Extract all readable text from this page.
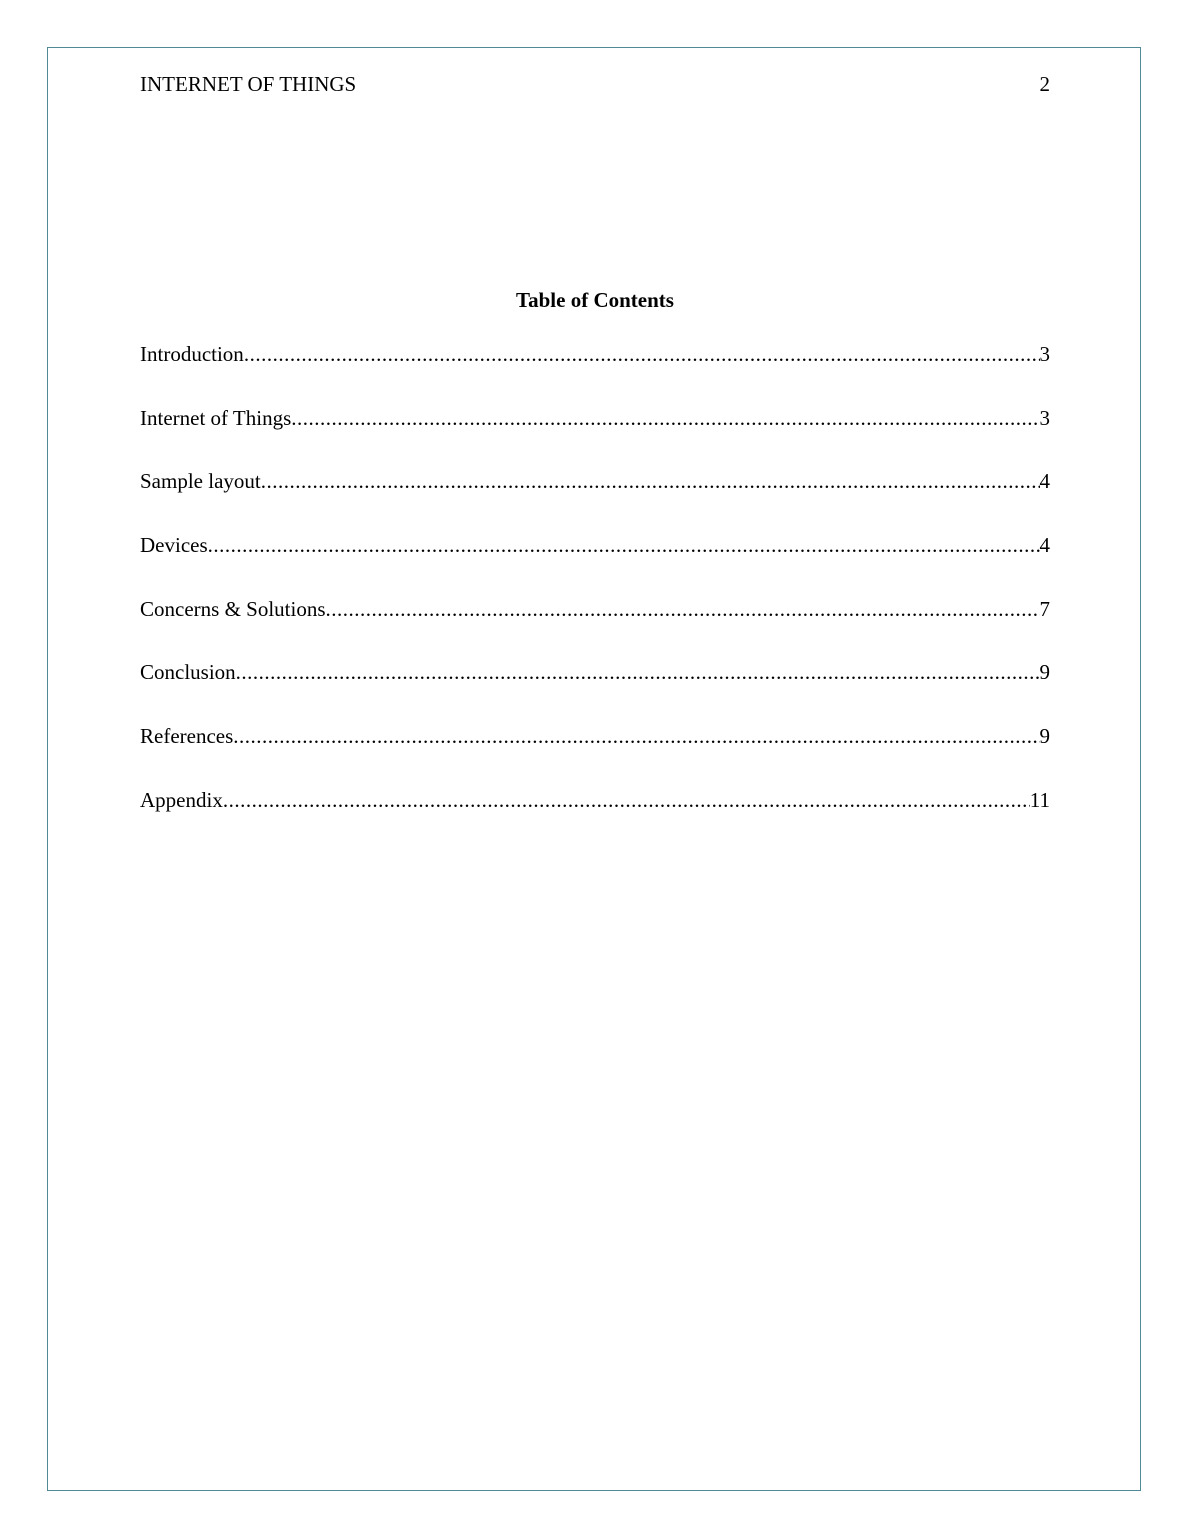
INTERNET OF THINGS	2
Table of Contents
Introduction .....	3
Internet of Things .....	3
Sample layout .....	4
Devices .....	4
Concerns & Solutions .....	7
Conclusion .....	9
References .....	9
Appendix .....	11
